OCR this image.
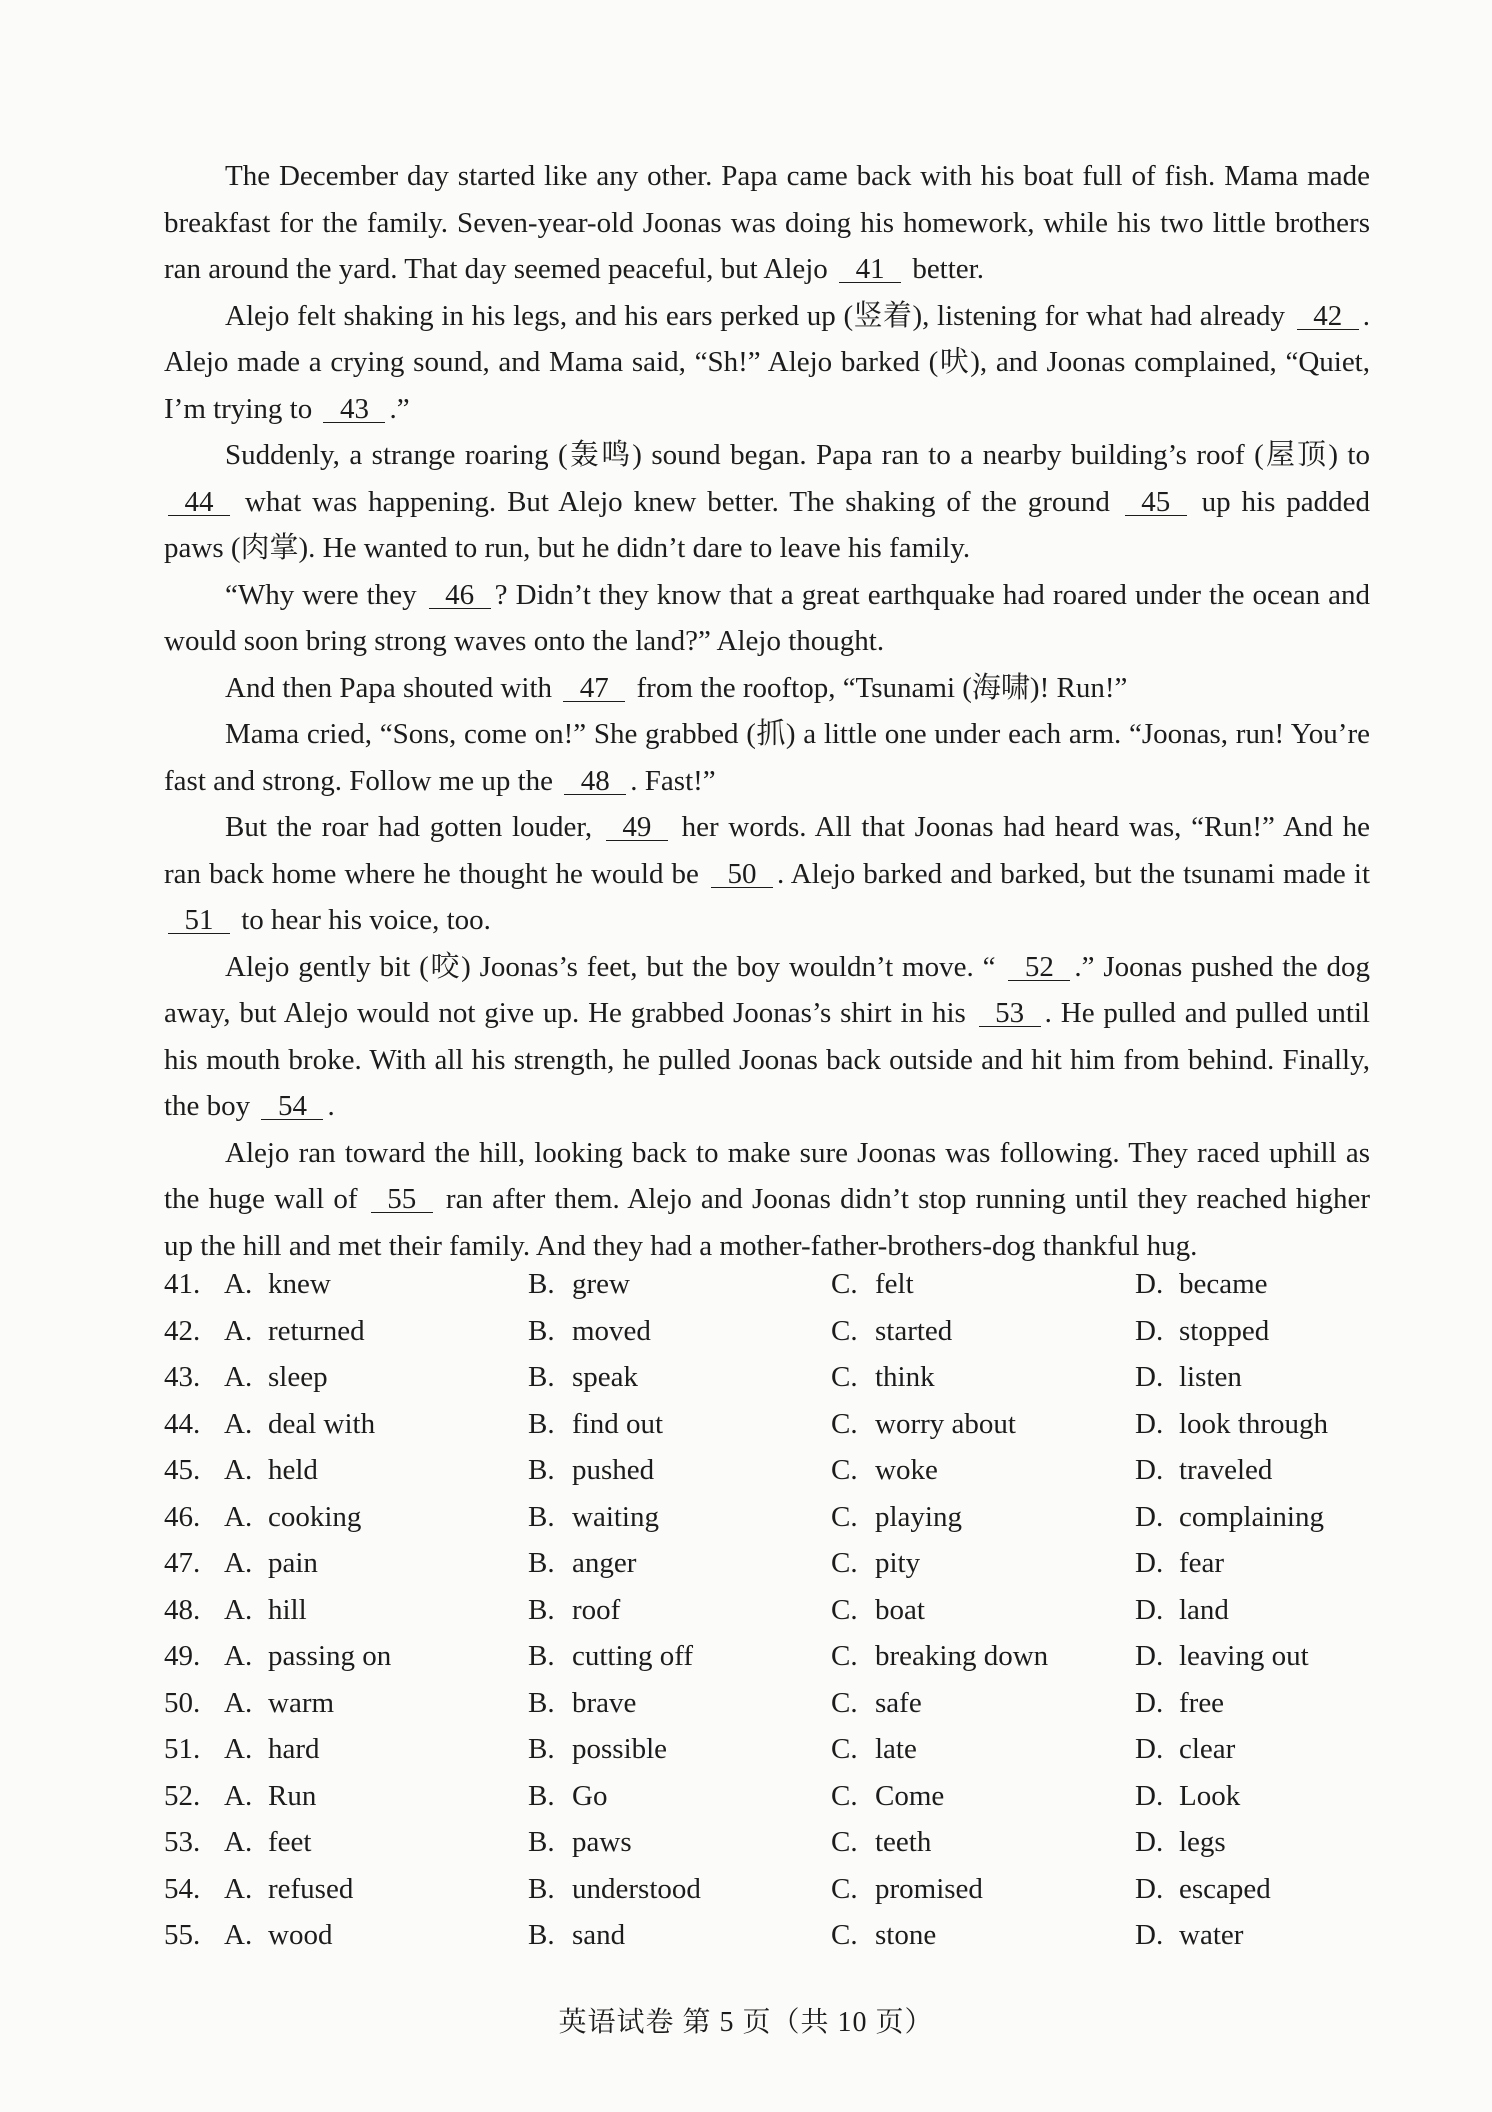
The December day started like any other. Papa came back with his boat full of fish. Mama made breakfast for the family. Seven-year-old Joonas was doing his homework, while his two little brothers ran around the yard. That day seemed peaceful, but Alejo 41 better.

Alejo felt shaking in his legs, and his ears perked up (竖着), listening for what had already 42 . Alejo made a crying sound, and Mama said, “Sh!” Alejo barked (吠), and Joonas complained, “Quiet, I’m trying to 43 .”

Suddenly, a strange roaring (轰鸣) sound began. Papa ran to a nearby building’s roof (屋顶) to 44 what was happening. But Alejo knew better. The shaking of the ground 45 up his padded paws (肉掌). He wanted to run, but he didn’t dare to leave his family.

“Why were they 46 ? Didn’t they know that a great earthquake had roared under the ocean and would soon bring strong waves onto the land?” Alejo thought.

And then Papa shouted with 47 from the rooftop, “Tsunami (海啸)! Run!”

Mama cried, “Sons, come on!” She grabbed (抓) a little one under each arm. “Joonas, run! You’re fast and strong. Follow me up the 48 . Fast!”

But the roar had gotten louder, 49 her words. All that Joonas had heard was, “Run!” And he ran back home where he thought he would be 50 . Alejo barked and barked, but the tsunami made it 51 to hear his voice, too.

Alejo gently bit (咬) Joonas’s feet, but the boy wouldn’t move. “ 52 .” Joonas pushed the dog away, but Alejo would not give up. He grabbed Joonas’s shirt in his 53 . He pulled and pulled until his mouth broke. With all his strength, he pulled Joonas back outside and hit him from behind. Finally, the boy 54 .

Alejo ran toward the hill, looking back to make sure Joonas was following. They raced uphill as the huge wall of 55 ran after them. Alejo and Joonas didn’t stop running until they reached higher up the hill and met their family. And they had a mother-father-brothers-dog thankful hug.

41. A. knew	B. grew	C. felt	D. became
42. A. returned	B. moved	C. started	D. stopped
43. A. sleep	B. speak	C. think	D. listen
44. A. deal with	B. find out	C. worry about	D. look through
45. A. held	B. pushed	C. woke	D. traveled
46. A. cooking	B. waiting	C. playing	D. complaining
47. A. pain	B. anger	C. pity	D. fear
48. A. hill	B. roof	C. boat	D. land
49. A. passing on	B. cutting off	C. breaking down	D. leaving out
50. A. warm	B. brave	C. safe	D. free
51. A. hard	B. possible	C. late	D. clear
52. A. Run	B. Go	C. Come	D. Look
53. A. feet	B. paws	C. teeth	D. legs
54. A. refused	B. understood	C. promised	D. escaped
55. A. wood	B. sand	C. stone	D. water
英语试卷 第 5 页（共 10 页）
